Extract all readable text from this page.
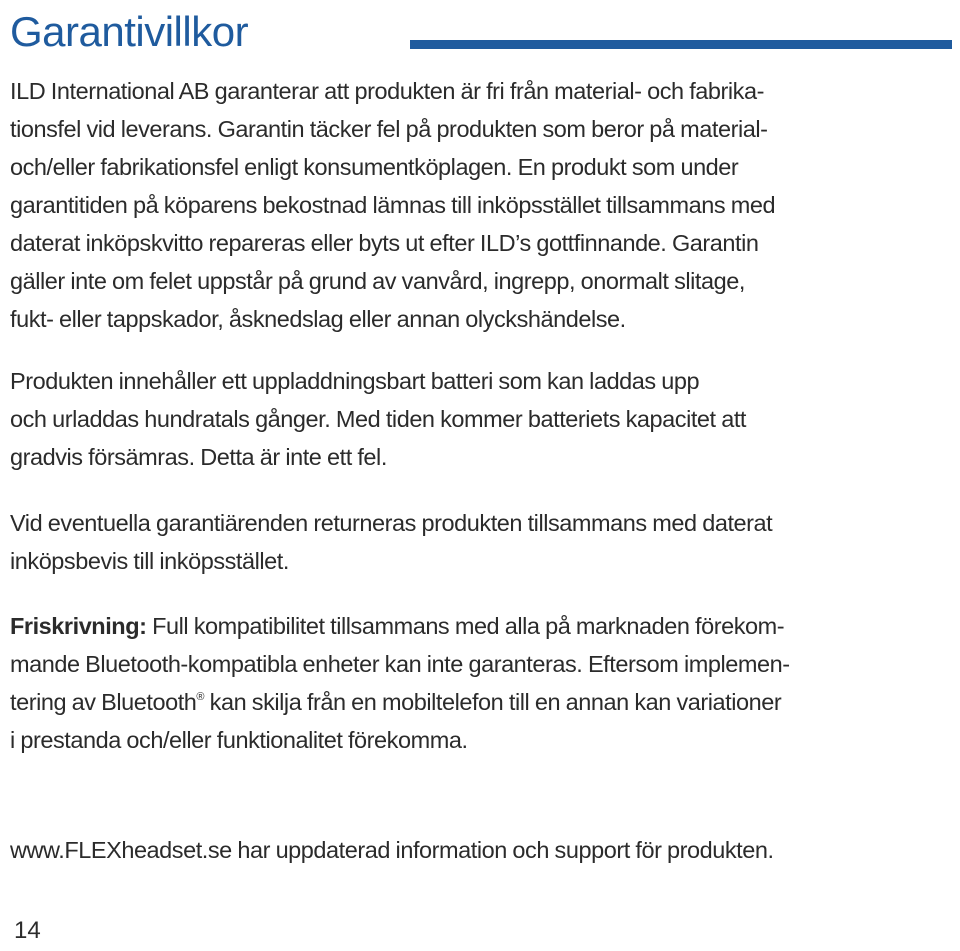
Garantivillkor

ILD International AB garanterar att produkten är fri från material- och fabrika-
tionsfel vid leverans. Garantin täcker fel på produkten som beror på material-
och/eller fabrikationsfel enligt konsumentköplagen. En produkt som under
garantitiden på köparens bekostnad lämnas till inköpsstället tillsammans med
daterat inköpskvitto repareras eller byts ut efter ILD’s gottfinnande. Garantin
gäller inte om felet uppstår på grund av vanvård, ingrepp, onormalt slitage,
fukt- eller tappskador, åsknedslag eller annan olyckshändelse.

Produkten innehåller ett uppladdningsbart batteri som kan laddas upp
och urladdas hundratals gånger. Med tiden kommer batteriets kapacitet att
gradvis försämras. Detta är inte ett fel.

Vid eventuella garantiärenden returneras produkten tillsammans med daterat
inköpsbevis till inköpsstället.

Friskrivning: Full kompatibilitet tillsammans med alla på marknaden förekom-
mande Bluetooth-kompatibla enheter kan inte garanteras. Eftersom implemen-
tering av Bluetooth® kan skilja från en mobiltelefon till en annan kan variationer
i prestanda och/eller funktionalitet förekomma.

www.FLEXheadset.se har uppdaterad information och support för produkten.

14
